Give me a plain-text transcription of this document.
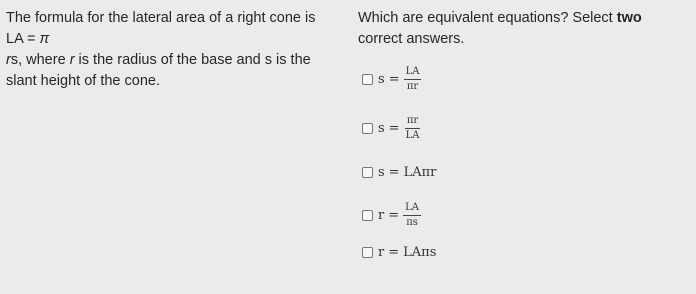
The formula for the lateral area of a right cone is LA = π
rs, where r is the radius of the base and s is the slant height of the cone.
Which are equivalent equations? Select two correct answers.
$s = \frac{LA}{\pi r}$
$s = \frac{\pi r}{LA}$
s = LAπr
$r = \frac{LA}{\pi s}$
r = LAπs
